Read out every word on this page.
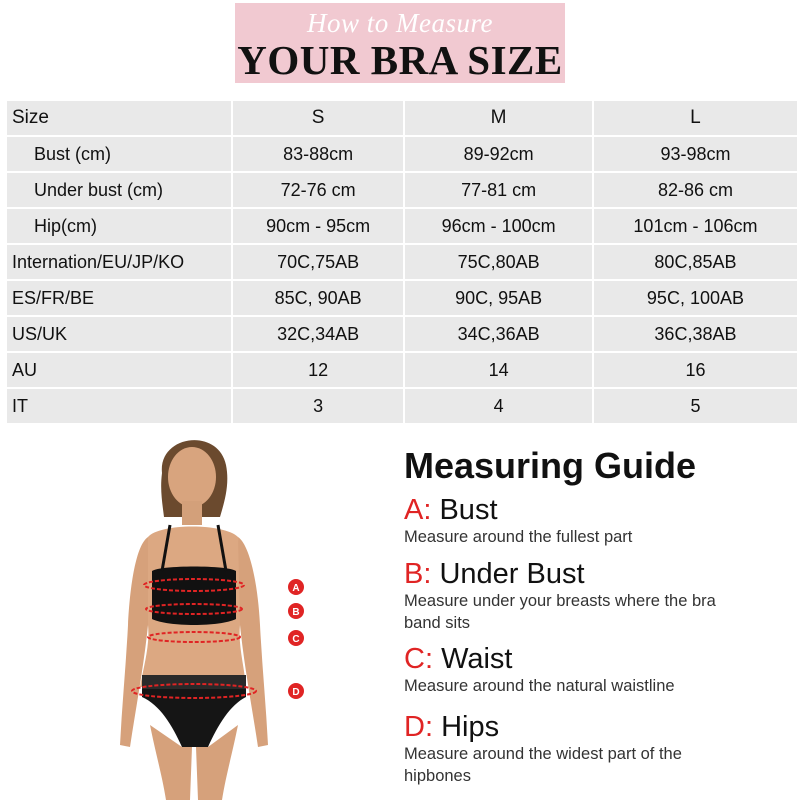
How to Measure
YOUR BRA SIZE
Size	S	M	L
Bust (cm)	83-88cm	89-92cm	93-98cm
Under bust (cm)	72-76 cm	77-81 cm	82-86 cm
Hip(cm)	90cm - 95cm	96cm - 100cm	101cm - 106cm
Internation/EU/JP/KO	70C,75AB	75C,80AB	80C,85AB
ES/FR/BE	85C, 90AB	90C, 95AB	95C, 100AB
US/UK	32C,34AB	34C,36AB	36C,38AB
AU	12	14	16
IT	3	4	5
A
B
C
D
Measuring Guide
A: Bust
Measure around the fullest part
B: Under Bust
Measure under your breasts where the bra band sits
C: Waist
Measure around the natural waistline
D: Hips
Measure around the widest part of the hipbones
